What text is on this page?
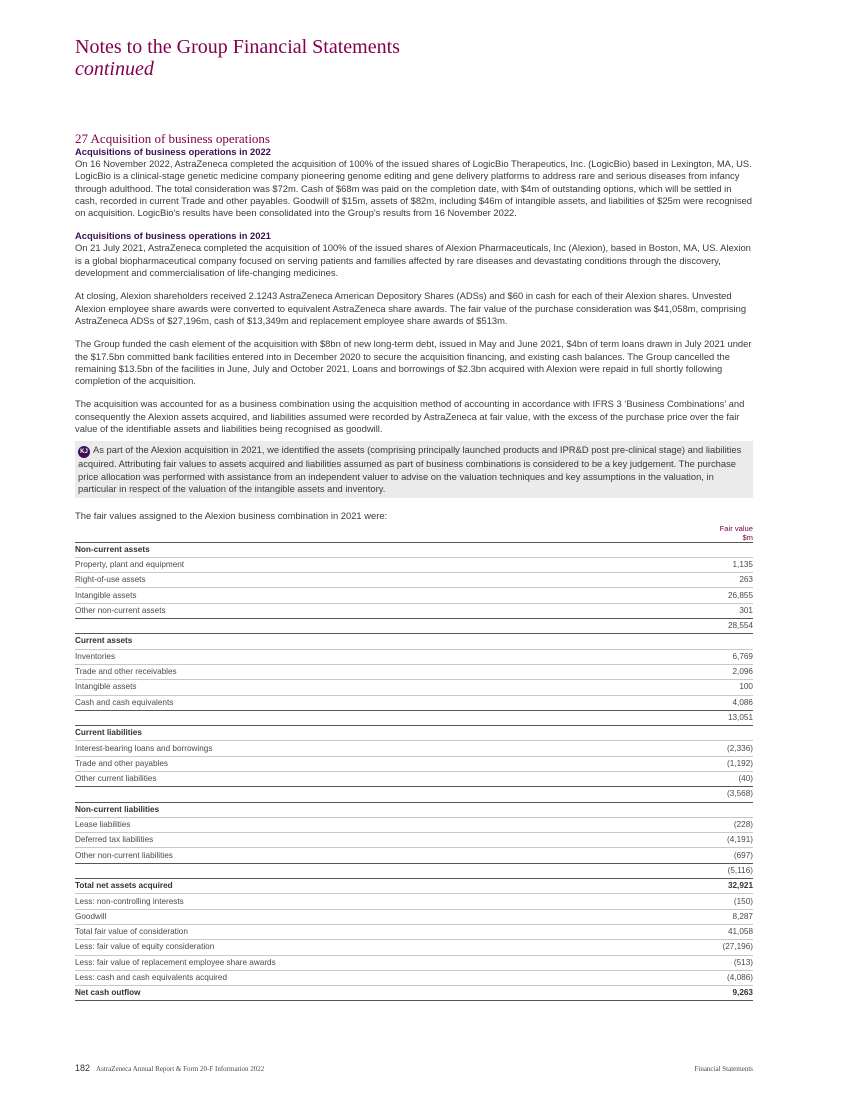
Notes to the Group Financial Statements
continued
27 Acquisition of business operations
Acquisitions of business operations in 2022

On 16 November 2022, AstraZeneca completed the acquisition of 100% of the issued shares of LogicBio Therapeutics, Inc. (LogicBio) based in Lexington, MA, US. LogicBio is a clinical-stage genetic medicine company pioneering genome editing and gene delivery platforms to address rare and serious diseases from infancy through adulthood. The total consideration was $72m. Cash of $68m was paid on the completion date, with $4m of outstanding options, which will be settled in cash, recorded in current Trade and other payables. Goodwill of $15m, assets of $82m, including $46m of intangible assets, and liabilities of $25m were recognised on acquisition. LogicBio's results have been consolidated into the Group's results from 16 November 2022.

Acquisitions of business operations in 2021

On 21 July 2021, AstraZeneca completed the acquisition of 100% of the issued shares of Alexion Pharmaceuticals, Inc (Alexion), based in Boston, MA, US. Alexion is a global biopharmaceutical company focused on serving patients and families affected by rare diseases and devastating conditions through the discovery, development and commercialisation of life-changing medicines.

At closing, Alexion shareholders received 2.1243 AstraZeneca American Depository Shares (ADSs) and $60 in cash for each of their Alexion shares. Unvested Alexion employee share awards were converted to equivalent AstraZeneca share awards. The fair value of the purchase consideration was $41,058m, comprising AstraZeneca ADSs of $27,196m, cash of $13,349m and replacement employee share awards of $513m.

The Group funded the cash element of the acquisition with $8bn of new long-term debt, issued in May and June 2021, $4bn of term loans drawn in July 2021 under the $17.5bn committed bank facilities entered into in December 2020 to secure the acquisition financing, and existing cash balances. The Group cancelled the remaining $13.5bn of the facilities in June, July and October 2021. Loans and borrowings of $2.3bn acquired with Alexion were repaid in full shortly following completion of the acquisition.

The acquisition was accounted for as a business combination using the acquisition method of accounting in accordance with IFRS 3 ‘Business Combinations’ and consequently the Alexion assets acquired, and liabilities assumed were recorded by AstraZeneca at fair value, with the excess of the purchase price over the fair value of the identifiable assets and liabilities being recognised as goodwill.

KJ As part of the Alexion acquisition in 2021, we identified the assets (comprising principally launched products and IPR&D post pre-clinical stage) and liabilities acquired. Attributing fair values to assets acquired and liabilities assumed as part of business combinations is considered to be a key judgement. The purchase price allocation was performed with assistance from an independent valuer to advise on the valuation techniques and key assumptions in the valuation, in particular in respect of the valuation of the intangible assets and inventory.

The fair values assigned to the Alexion business combination in 2021 were:

Fair value
$m
Non-current assets	
Property, plant and equipment	1,135
Right-of-use assets	263
Intangible assets	26,855
Other non-current assets	301
	28,554
Current assets	
Inventories	6,769
Trade and other receivables	2,096
Intangible assets	100
Cash and cash equivalents	4,086
	13,051
Current liabilities	
Interest-bearing loans and borrowings	(2,336)
Trade and other payables	(1,192)
Other current liabilities	(40)
	(3,568)
Non-current liabilities	
Lease liabilities	(228)
Deferred tax liabilities	(4,191)
Other non-current liabilities	(697)
	(5,116)
Total net assets acquired	32,921
Less: non-controlling interests	(150)
Goodwill	8,287
Total fair value of consideration	41,058
Less: fair value of equity consideration	(27,196)
Less: fair value of replacement employee share awards	(513)
Less: cash and cash equivalents acquired	(4,086)
Net cash outflow	9,263
182 AstraZeneca Annual Report & Form 20-F Information 2022	Financial Statements
